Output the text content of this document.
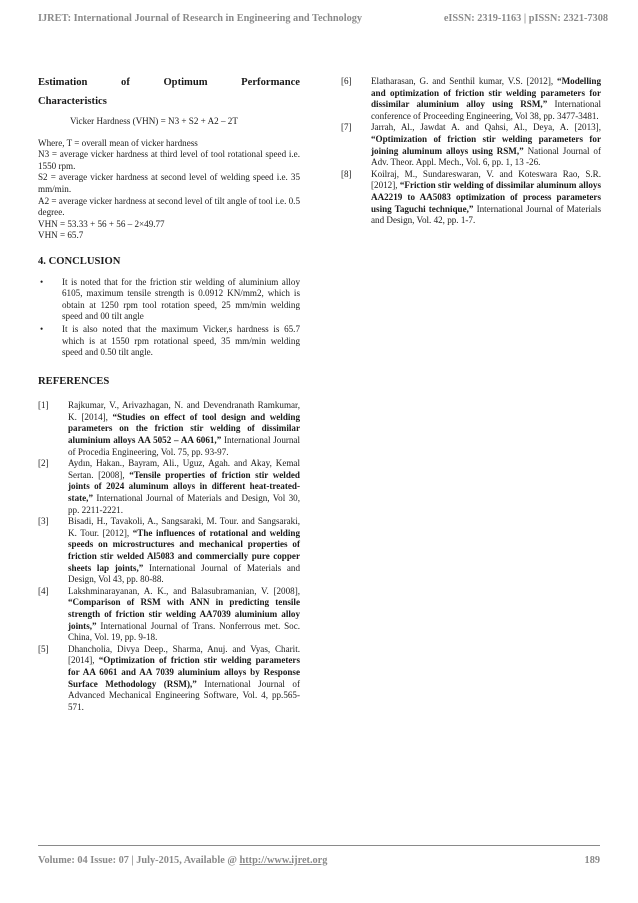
IJRET: International Journal of Research in Engineering and Technology	eISSN: 2319-1163 | pISSN: 2321-7308
Estimation	of	Optimum	Performance
Characteristics
Vicker Hardness (VHN) = N3 + S2 + A2 – 2T

Where, T = overall mean of vicker hardness

N3 = average vicker hardness at third level of tool rotational speed i.e. 1550 rpm.

S2 = average vicker hardness at second level of welding speed i.e. 35 mm/min.

A2 = average vicker hardness at second level of tilt angle of tool i.e. 0.5 degree.

VHN = 53.33 + 56 + 56 – 2×49.77

VHN = 65.7

4. CONCLUSION
• It is noted that for the friction stir welding of aluminium alloy 6105, maximum tensile strength is 0.0912 KN/mm2, which is obtain at 1250 rpm tool rotation speed, 25 mm/min welding speed and 00 tilt angle
• It is also noted that the maximum Vicker,s hardness is 65.7 which is at 1550 rpm rotational speed, 35 mm/min welding speed and 0.50 tilt angle.
REFERENCES
[1] Rajkumar, V., Arivazhagan, N. and Devendranath Ramkumar, K. [2014], “Studies on effect of tool design and welding parameters on the friction stir welding of dissimilar aluminium alloys AA 5052 – AA 6061,” International Journal of Procedia Engineering, Vol. 75, pp. 93-97.
[2] Aydın, Hakan., Bayram, Ali., Uguz, Agah. and Akay, Kemal Sertan. [2008], “Tensile properties of friction stir welded joints of 2024 aluminum alloys in different heat-treated-state,” International Journal of Materials and Design, Vol 30, pp. 2211-2221.
[3] Bisadi, H., Tavakoli, A., Sangsaraki, M. Tour. and Sangsaraki, K. Tour. [2012], “The influences of rotational and welding speeds on microstructures and mechanical properties of friction stir welded Al5083 and commercially pure copper sheets lap joints,” International Journal of Materials and Design, Vol 43, pp. 80-88.
[4] Lakshminarayanan, A. K., and Balasubramanian, V. [2008], “Comparison of RSM with ANN in predicting tensile strength of friction stir welding AA7039 aluminium alloy joints,” International Journal of Trans. Nonferrous met. Soc. China, Vol. 19, pp. 9-18.
[5] Dhancholia, Divya Deep., Sharma, Anuj. and Vyas, Charit. [2014], “Optimization of friction stir welding parameters for AA 6061 and AA 7039 aluminium alloys by Response Surface Methodology (RSM),” International Journal of Advanced Mechanical Engineering Software, Vol. 4, pp.565-571.
[6] Elatharasan, G. and Senthil kumar, V.S. [2012], “Modelling and optimization of friction stir welding parameters for dissimilar aluminium alloy using RSM,” International conference of Proceeding Engineering, Vol 38, pp. 3477-3481.
[7] Jarrah, Al., Jawdat A. and Qahsi, Al., Deya, A. [2013], “Optimization of friction stir welding parameters for joining aluminum alloys using RSM,” National Journal of Adv. Theor. Appl. Mech., Vol. 6, pp. 1, 13 -26.
[8] Koilraj, M., Sundareswaran, V. and Koteswara Rao, S.R. [2012], “Friction stir welding of dissimilar aluminum alloys AA2219 to AA5083 optimization of process parameters using Taguchi technique,” International Journal of Materials and Design, Vol. 42, pp. 1-7.
Volume: 04 Issue: 07 | July-2015, Available @ http://www.ijret.org	189
